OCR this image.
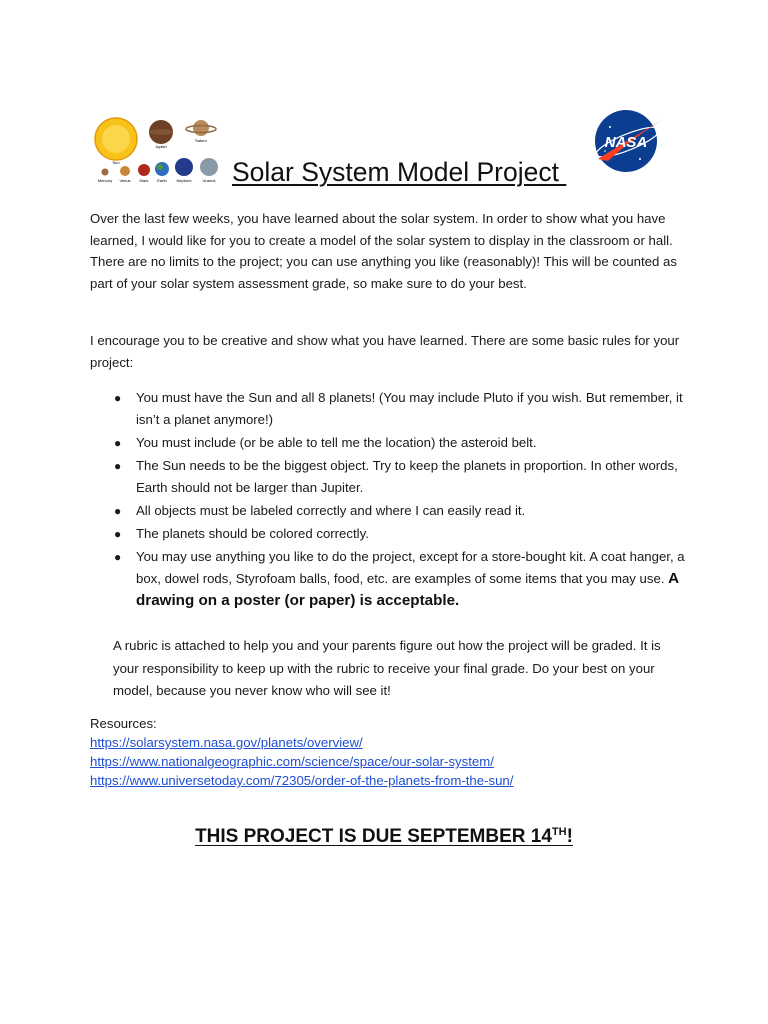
Sun
Jupiter
Saturn
Mercury Venus Mars Earth Neptune	Uranus
NASA
Solar System Model Project

Over the last few weeks, you have learned about the solar system. In order to show what you have learned, I would like for you to create a model of the solar system to display in the classroom or hall. There are no limits to the project; you can use anything you like (reasonably)! This will be counted as part of your solar system assessment grade, so make sure to do your best.

I encourage you to be creative and show what you have learned. There are some basic rules for your project:

● You must have the Sun and all 8 planets! (You may include Pluto if you wish. But remember, it isn’t a planet anymore!)
● You must include (or be able to tell me the location) the asteroid belt.
● The Sun needs to be the biggest object. Try to keep the planets in proportion. In other words, Earth should not be larger than Jupiter.
● All objects must be labeled correctly and where I can easily read it.
● The planets should be colored correctly.
● You may use anything you like to do the project, except for a store-bought kit. A coat hanger, a box, dowel rods, Styrofoam balls, food, etc. are examples of some items that you may use. A drawing on a poster (or paper) is acceptable.

A rubric is attached to help you and your parents figure out how the project will be graded. It is your responsibility to keep up with the rubric to receive your final grade. Do your best on your model, because you never know who will see it!

Resources:
https://solarsystem.nasa.gov/planets/overview/
https://www.nationalgeographic.com/science/space/our-solar-system/
https://www.universetoday.com/72305/order-of-the-planets-from-the-sun/
THIS PROJECT IS DUE SEPTEMBER 14TH!
